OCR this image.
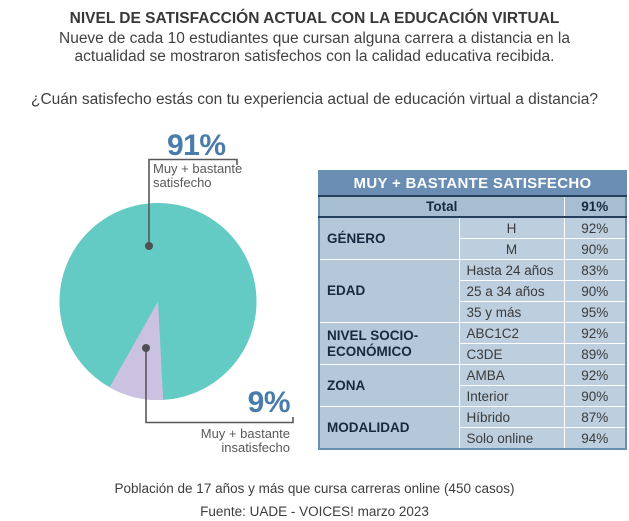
NIVEL DE SATISFACCIÓN ACTUAL CON LA EDUCACIÓN VIRTUAL
Nueve de cada 10 estudiantes que cursan alguna carrera a distancia en la actualidad se mostraron satisfechos con la calidad educativa recibida.
¿Cuán satisfecho estás con tu experiencia actual de educación virtual a distancia?
91%
Muy + bastante satisfecho
9%
Muy + bastante insatisfecho
MUY + BASTANTE SATISFECHO		
Total		91%
GÉNERO	H	92%
	M	90%
EDAD	Hasta 24 años	83%
	25 a 34 años	90%
	35 y más	95%
NIVEL SOCIO-ECONÓMICO	ABC1C2	92%
	C3DE	89%
ZONA	AMBA	92%
	Interior	90%
MODALIDAD	Híbrido	87%
	Solo online	94%
Población de 17 años y más que cursa carreras online (450 casos)
Fuente: UADE - VOICES! marzo 2023
